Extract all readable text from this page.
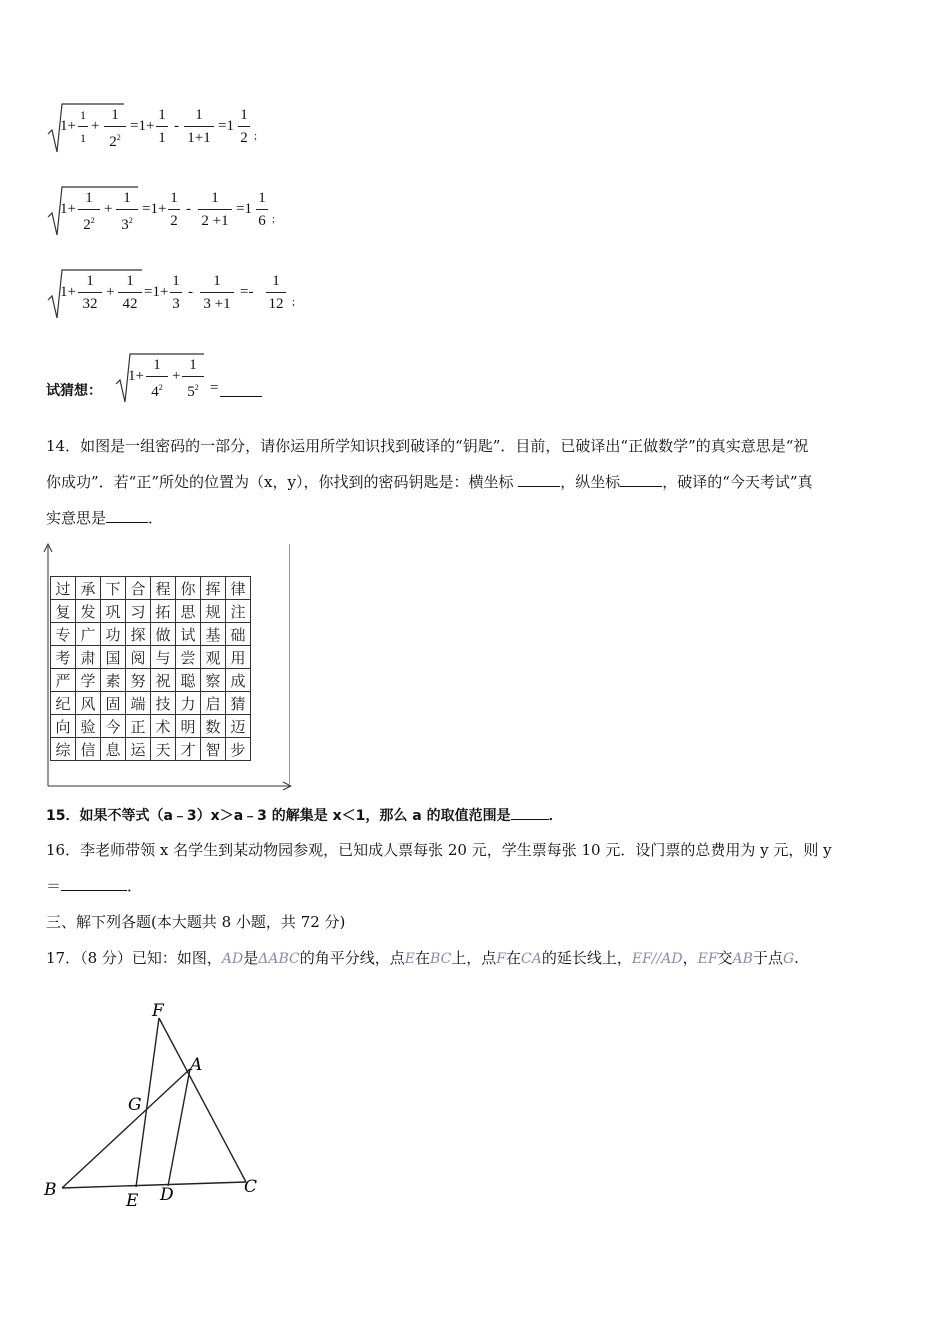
1+
1
1
+
1
$2^2$
=1+
1
1
-
1
1+1
=1
1
2 ;
1+
1
$2^2$
+
1
$3^2$
=1+
1
2
-
1
2 +1
=1
1
6 ;
1+
1
32
+
1
42
=1+
1
3
-
1
3 +1
=-
1
12 ;
试猜想：
1+
1
$4^2$
+
1
$5^2$ =
14．如图是一组密码的一部分，请你运用所学知识找到破译的“钥匙”．目前，已破译出“正做数学”的真实意思是“祝
你成功”．若“正”所处的位置为（x，y），你找到的密码钥匙是：横坐标	，纵坐标	，破译的“今天考试”真
实意思是	．
过	承	下	合	程	你	挥	律
复	发	巩	习	拓	思	规	注
专	广	功	探	做	试	基	础
考	肃	国	阅	与	尝	观	用
严	学	素	努	祝	聪	察	成
纪	风	固	端	技	力	启	猜
向	验	今	正	术	明	数	迈
综	信	息	运	天	才	智	步
15．如果不等式（a﹣3）x＞a﹣3 的解集是 x＜1，那么 a 的取值范围是	．
16．李老师带领 x 名学生到某动物园参观，已知成人票每张 20 元，学生票每张 10 元．设门票的总费用为 y 元，则 y
＝	．
三、解下列各题(本大题共 8 小题，共 72 分)
17．（8 分）已知：如图，AD是ΔABC的角平分线，点E在BC上，点F在CA的延长线上，EF//AD，EF交AB于点G.
F
A
G
B
E D	C
